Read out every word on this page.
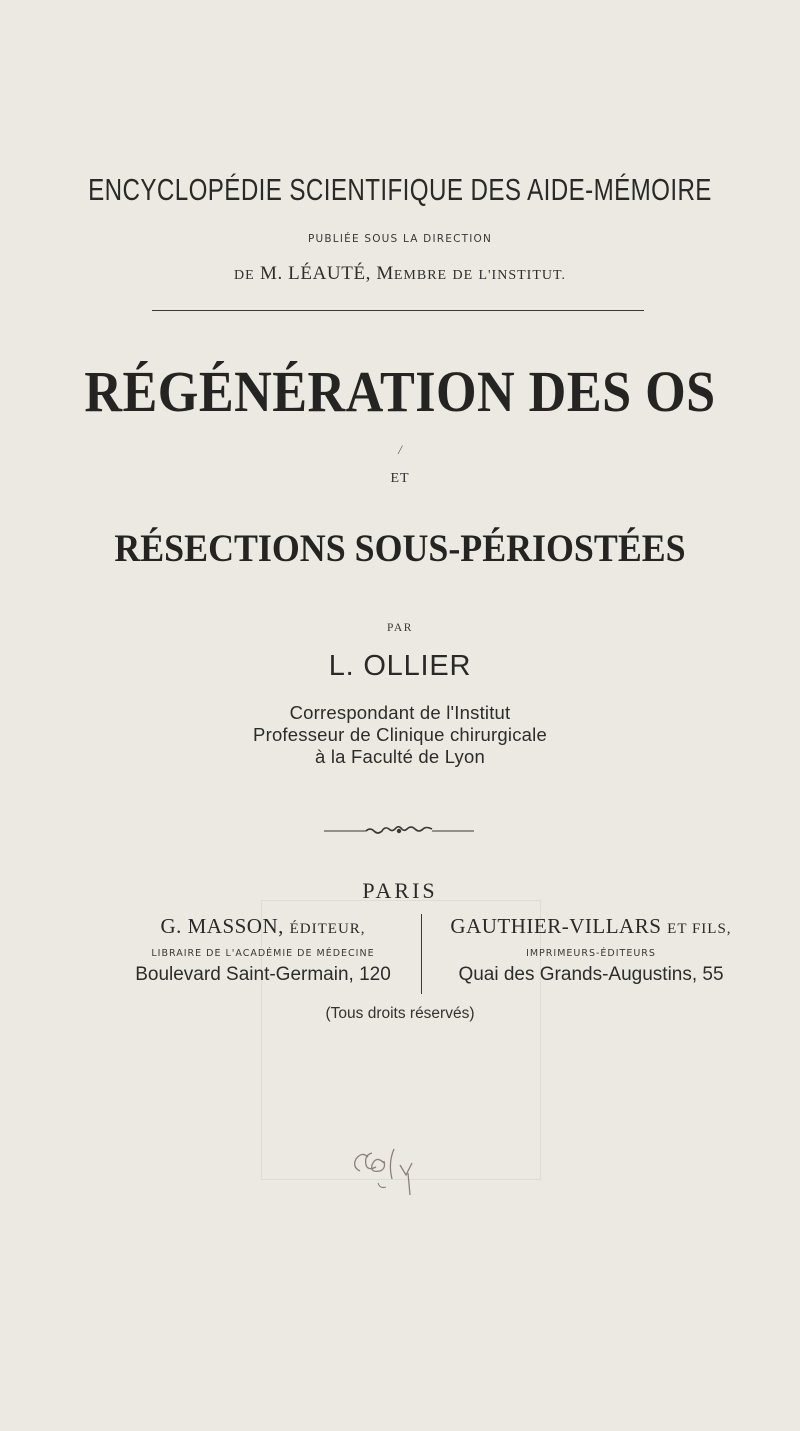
ENCYCLOPÉDIE SCIENTIFIQUE DES AIDE-MÉMOIRE
PUBLIÉE SOUS LA DIRECTION
DE M. LÉAUTÉ, MEMBRE DE L'INSTITUT.
RÉGÉNÉRATION DES OS
/
ET
RÉSECTIONS SOUS-PÉRIOSTÉES
PAR
L. OLLIER
Correspondant de l'Institut
Professeur de Clinique chirurgicale
à la Faculté de Lyon
PARIS
G. MASSON, ÉDITEUR,	GAUTHIER-VILLARS ET FILS,
LIBRAIRE DE L'ACADÉMIE DE MÉDECINE	IMPRIMEURS-ÉDITEURS
Boulevard Saint-Germain, 120	Quai des Grands-Augustins, 55
(Tous droits réservés)
